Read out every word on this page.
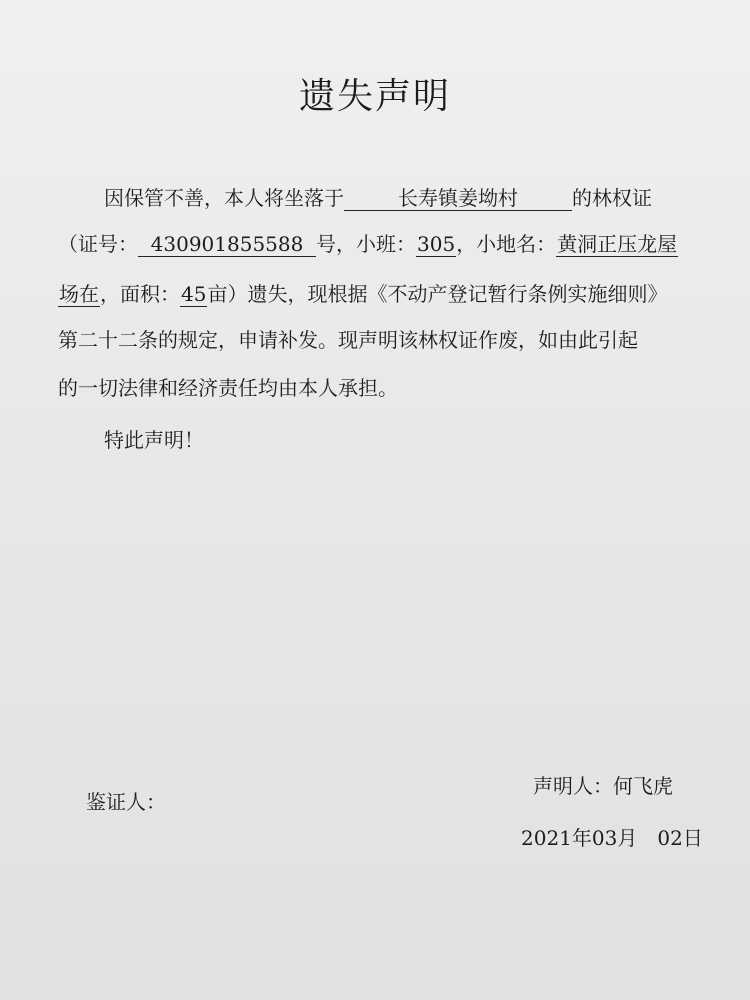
遗失声明
因保管不善，本人将坐落于	长寿镇姜坳村	的林权证
（证号： 430901855588 号，小班：305，小地名：黄洞正压龙屋
场在，面积：45亩）遗失，现根据《不动产登记暂行条例实施细则》
第二十二条的规定，申请补发。现声明该林权证作废，如由此引起
的一切法律和经济责任均由本人承担。
特此声明！
鉴证人：
声明人：何飞虎
2021年03月 02日
